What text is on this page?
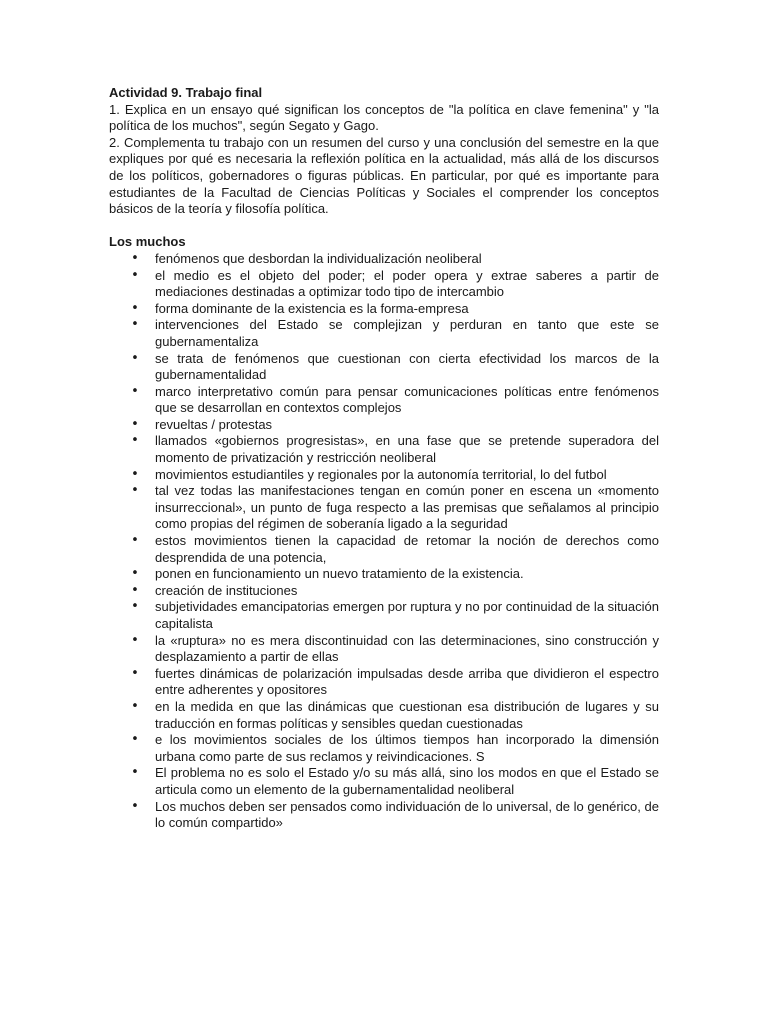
Actividad 9. Trabajo final

1. Explica en un ensayo qué significan los conceptos de "la política en clave femenina" y "la política de los muchos", según Segato y Gago.

2. Complementa tu trabajo con un resumen del curso y una conclusión del semestre en la que expliques por qué es necesaria la reflexión política en la actualidad, más allá de los discursos de los políticos, gobernadores o figuras públicas. En particular, por qué es importante para estudiantes de la Facultad de Ciencias Políticas y Sociales el comprender los conceptos básicos de la teoría y filosofía política.

Los muchos

• fenómenos que desbordan la individualización neoliberal
• el medio es el objeto del poder; el poder opera y extrae saberes a partir de mediaciones destinadas a optimizar todo tipo de intercambio
• forma dominante de la existencia es la forma-empresa
• intervenciones del Estado se complejizan y perduran en tanto que este se gubernamentaliza
• se trata de fenómenos que cuestionan con cierta efectividad los marcos de la gubernamentalidad
• marco interpretativo común para pensar comunicaciones políticas entre fenómenos que se desarrollan en contextos complejos
• revueltas / protestas
• llamados «gobiernos progresistas», en una fase que se pretende superadora del momento de privatización y restricción neoliberal
• movimientos estudiantiles y regionales por la autonomía territorial, lo del futbol
• tal vez todas las manifestaciones tengan en común poner en escena un «momento insurreccional», un punto de fuga respecto a las premisas que señalamos al principio como propias del régimen de soberanía ligado a la seguridad
• estos movimientos tienen la capacidad de retomar la noción de derechos como desprendida de una potencia,
• ponen en funcionamiento un nuevo tratamiento de la existencia.
• creación de instituciones
• subjetividades emancipatorias emergen por ruptura y no por continuidad de la situación capitalista
• la «ruptura» no es mera discontinuidad con las determinaciones, sino construcción y desplazamiento a partir de ellas
• fuertes dinámicas de polarización impulsadas desde arriba que dividieron el espectro entre adherentes y opositores
• en la medida en que las dinámicas que cuestionan esa distribución de lugares y su traducción en formas políticas y sensibles quedan cuestionadas
• e los movimientos sociales de los últimos tiempos han incorporado la dimensión urbana como parte de sus reclamos y reivindicaciones. S
• El problema no es solo el Estado y/o su más allá, sino los modos en que el Estado se articula como un elemento de la gubernamentalidad neoliberal
• Los muchos deben ser pensados como individuación de lo universal, de lo genérico, de lo común compartido»
